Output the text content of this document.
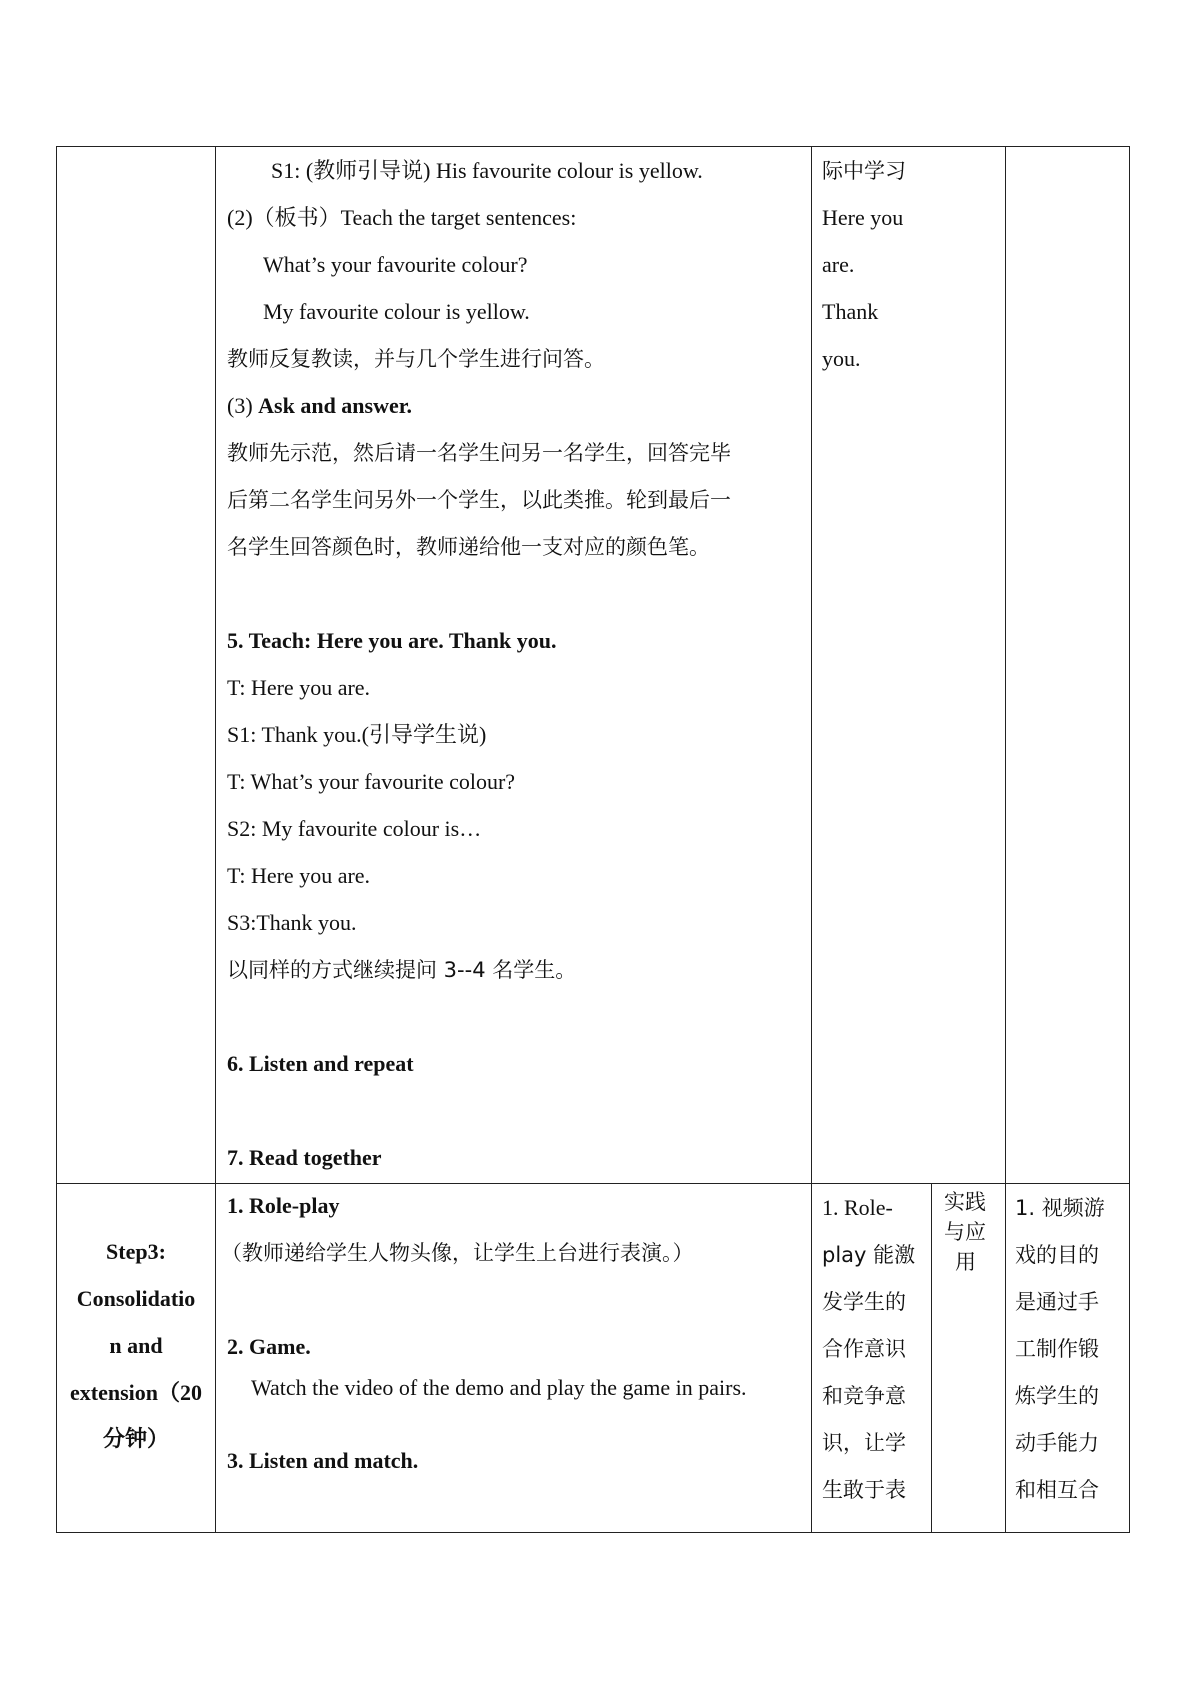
S1: (教师引导说) His favourite colour is yellow.
(2)（板书）Teach the target sentences:
What’s your favourite colour?
My favourite colour is yellow.
教师反复教读，并与几个学生进行问答。
(3) Ask and answer.
教师先示范，然后请一名学生问另一名学生，回答完毕
后第二名学生问另外一个学生，以此类推。轮到最后一
名学生回答颜色时，教师递给他一支对应的颜色笔。
5. Teach: Here you are. Thank you.
T: Here you are.
S1: Thank you.(引导学生说)
T: What’s your favourite colour?
S2: My favourite colour is…
T: Here you are.
S3:Thank you.
以同样的方式继续提问 3--4 名学生。
6. Listen and repeat
7. Read together
际中学习
Here you
are.
Thank
you.
Step3:
Consolidatio
n and
extension（20
分钟）
1. Role-play
（教师递给学生人物头像，让学生上台进行表演。）
2. Game.
Watch the video of the demo and play the game in pairs.
3. Listen and match.
1. Role-
play 能激
发学生的
合作意识
和竞争意
识，让学
生敢于表
实践
与应
用
1. 视频游
戏的目的
是通过手
工制作锻
炼学生的
动手能力
和相互合
